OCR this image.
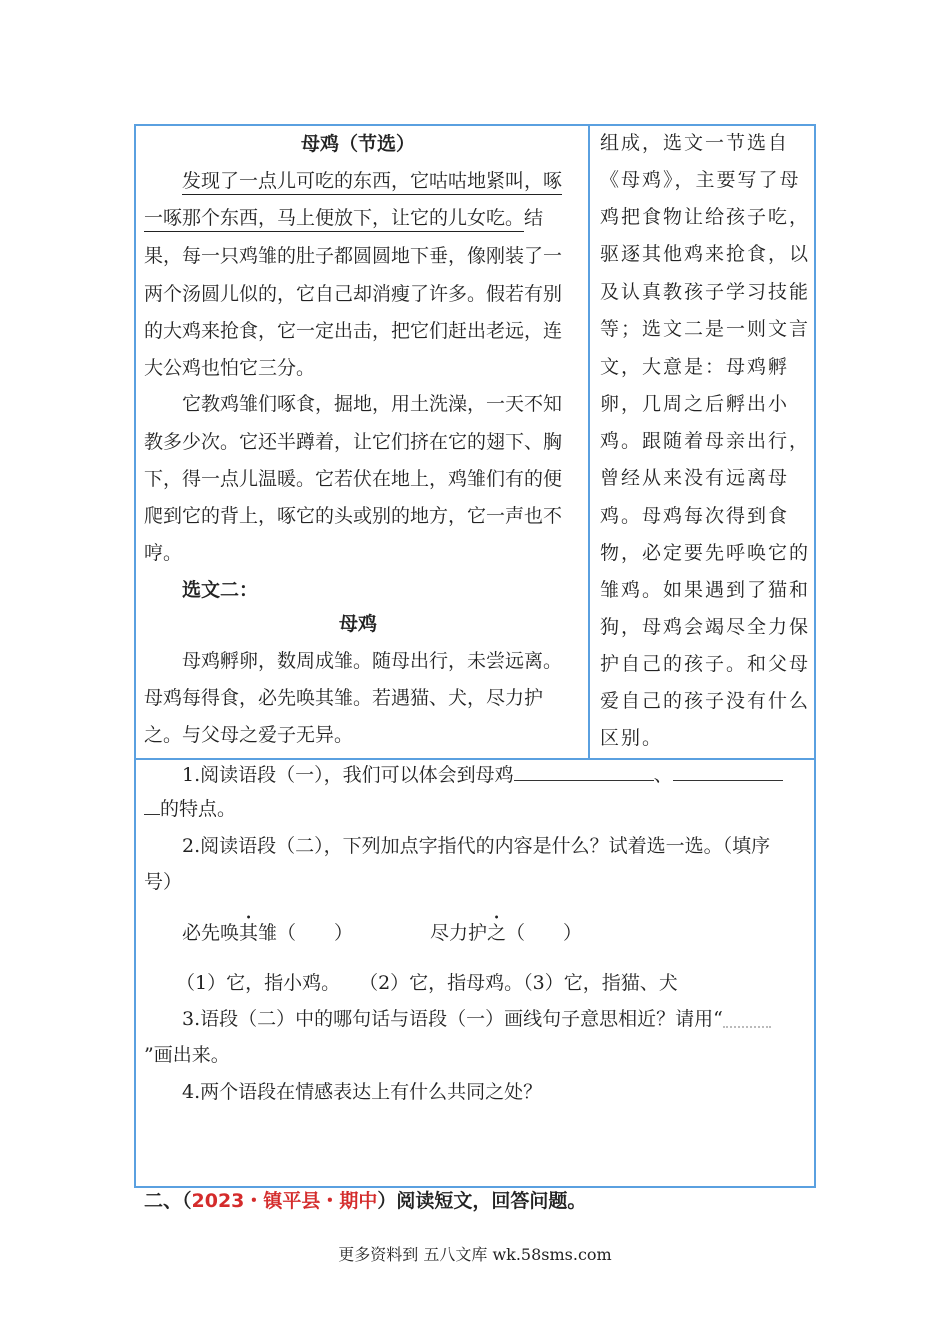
母鸡（节选）
发现了一点儿可吃的东西，它咕咕地紧叫，啄
一啄那个东西，马上便放下，让它的儿女吃。结
果，每一只鸡雏的肚子都圆圆地下垂，像刚装了一
两个汤圆儿似的，它自己却消瘦了许多。假若有别
的大鸡来抢食，它一定出击，把它们赶出老远，连
大公鸡也怕它三分。
它教鸡雏们啄食，掘地，用土洗澡，一天不知
教多少次。它还半蹲着，让它们挤在它的翅下、胸
下，得一点儿温暖。它若伏在地上，鸡雏们有的便
爬到它的背上，啄它的头或别的地方，它一声也不
哼。
选文二：
母鸡
母鸡孵卵，数周成雏。随母出行，未尝远离。
母鸡每得食，必先唤其雏。若遇猫、犬，尽力护
之。与父母之爱子无异。
组成，选文一节选自
《母鸡》，主要写了母
鸡把食物让给孩子吃，
驱逐其他鸡来抢食，以
及认真教孩子学习技能
等；选文二是一则文言
文，大意是：母鸡孵
卵，几周之后孵出小
鸡。跟随着母亲出行，
曾经从来没有远离母
鸡。母鸡每次得到食
物，必定要先呼唤它的
雏鸡。如果遇到了猫和
狗，母鸡会竭尽全力保
护自己的孩子。和父母
爱自己的孩子没有什么
区别。
1.阅读语段（一），我们可以体会到母鸡	、
的特点。
2.阅读语段（二），下列加点字指代的内容是什么？试着选一选。（填序
号）
必先唤其雏（　　）	尽力护之（　　）
（1）它，指小鸡。　　（2）它，指母鸡。（3）它，指猫、犬
3.语段（二）中的哪句话与语段（一）画线句子意思相近？请用“
”画出来。
4.两个语段在情感表达上有什么共同之处？
二、（2023・镇平县・期中）阅读短文，回答问题。
更多资料到 五八文库 wk.58sms.com
